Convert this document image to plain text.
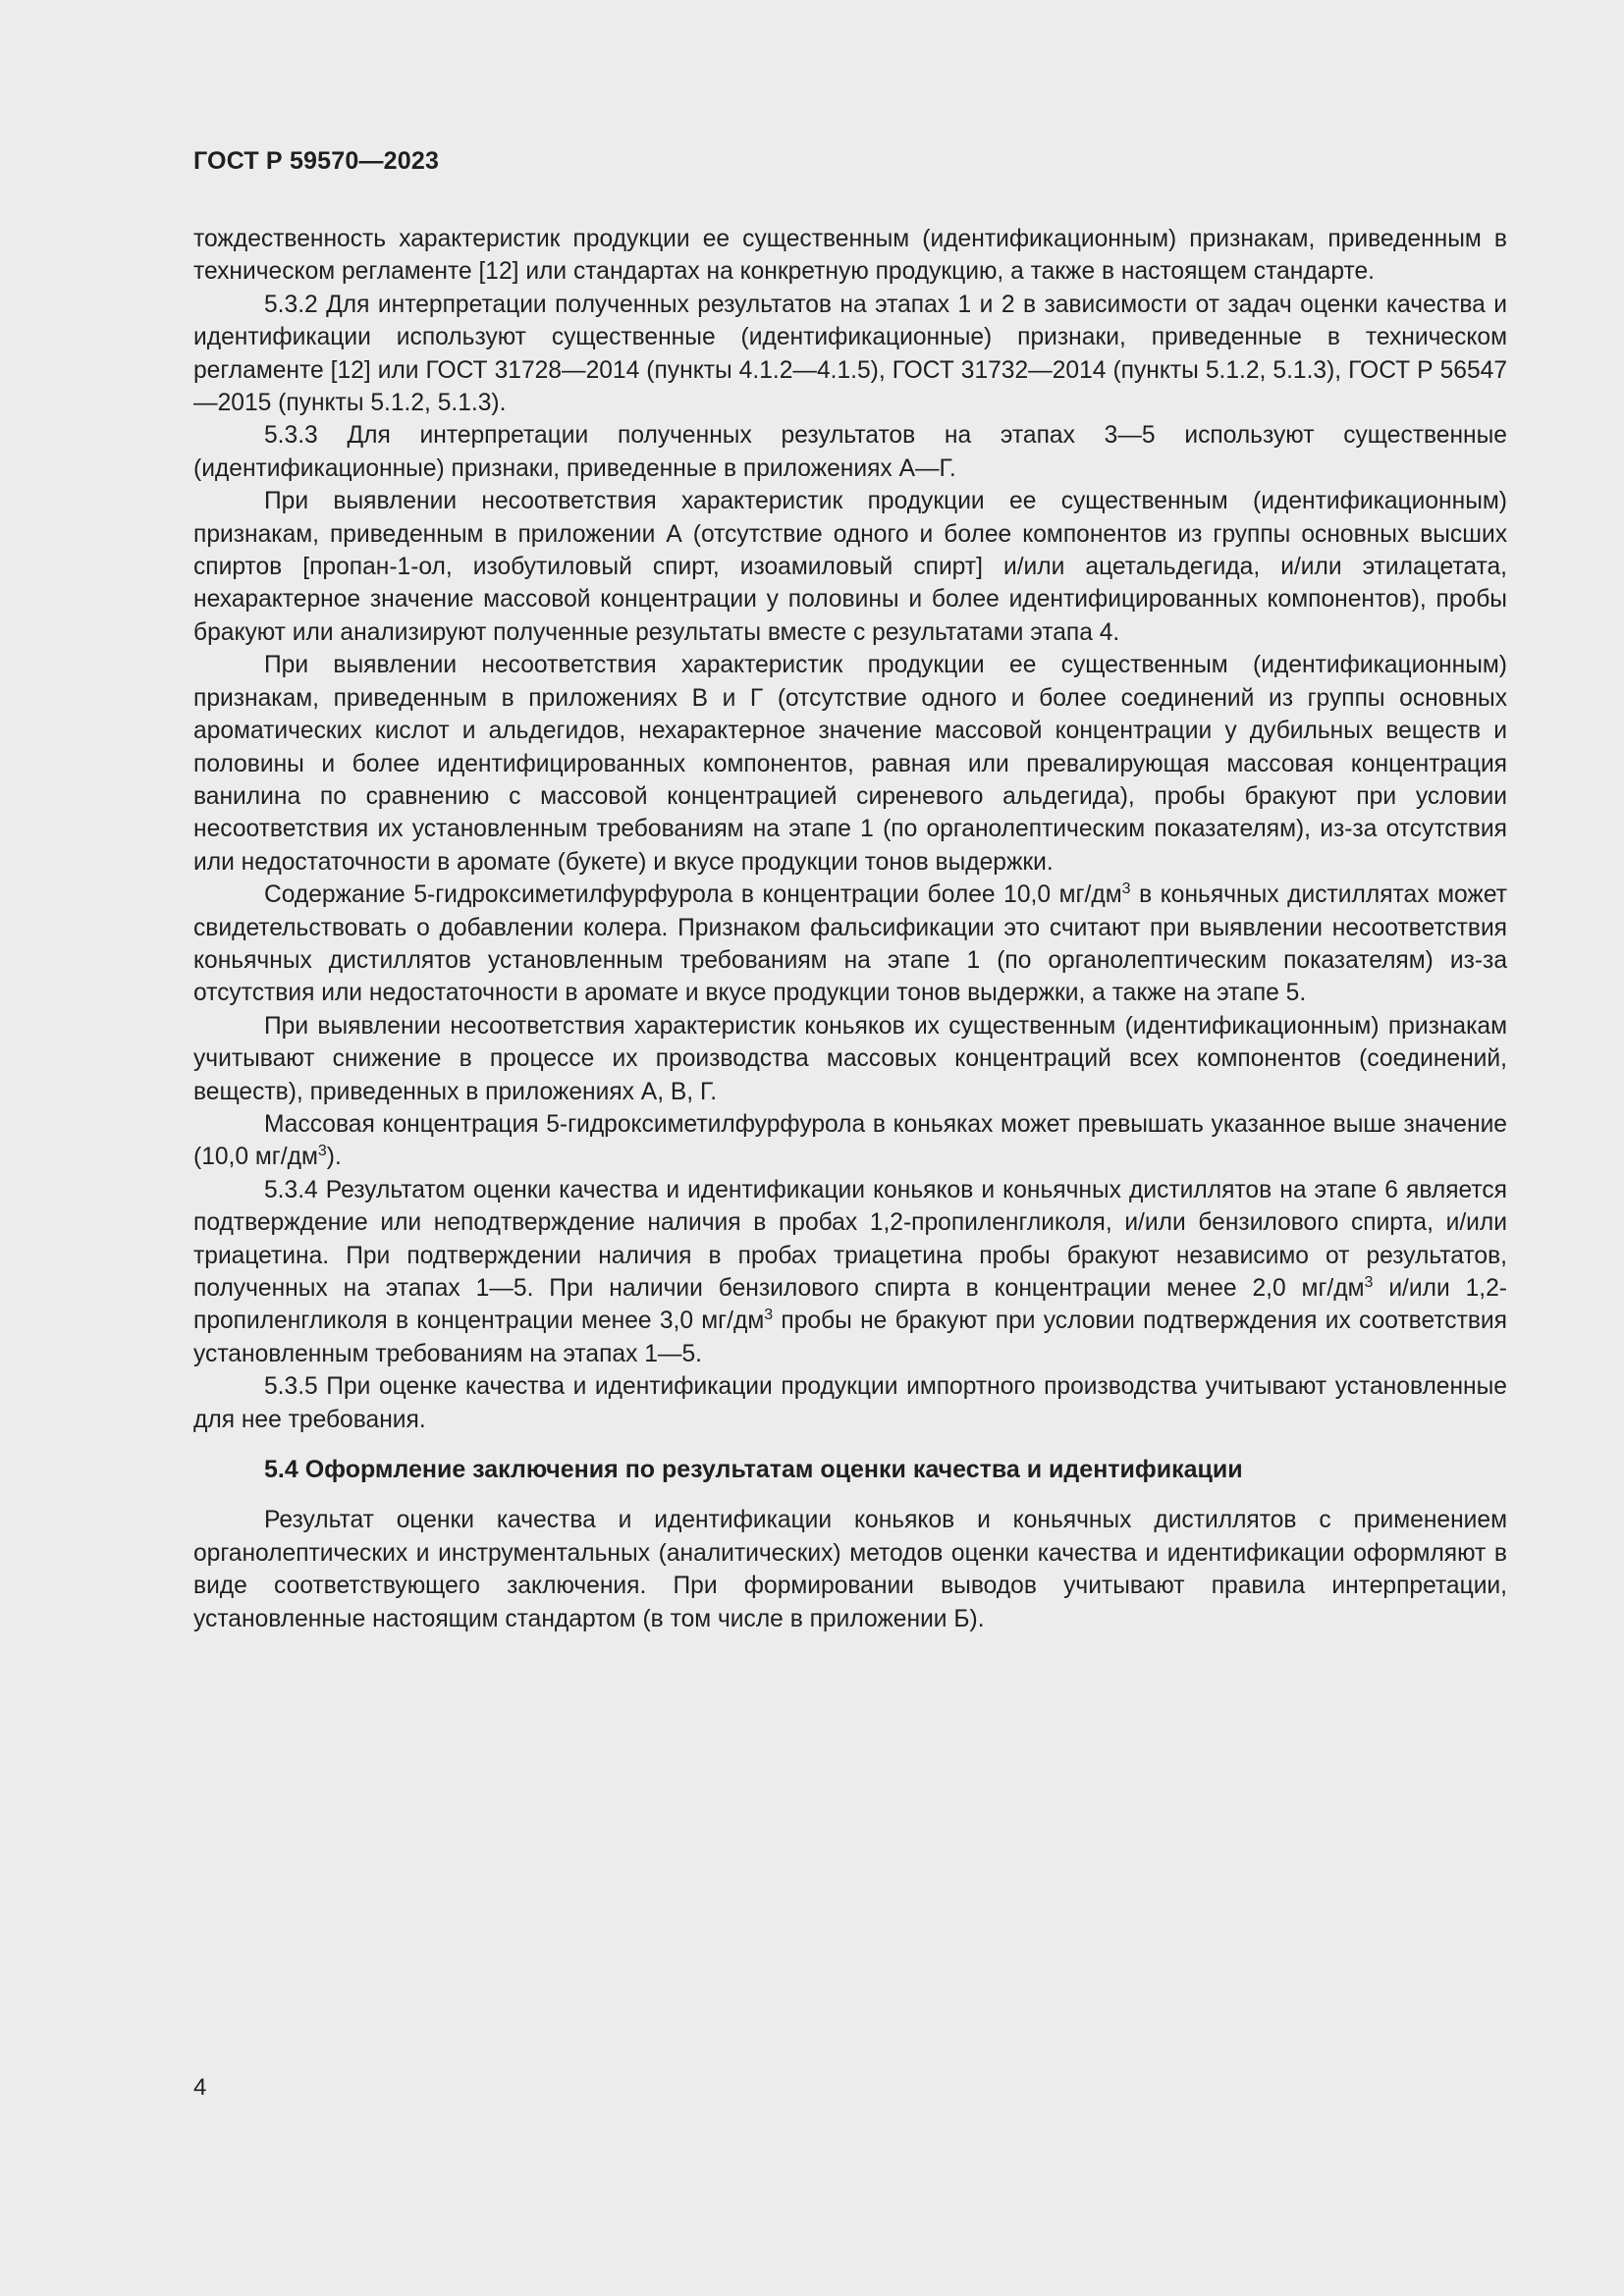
ГОСТ Р 59570—2023

тождественность характеристик продукции ее существенным (идентификационным) признакам, приведенным в техническом регламенте [12] или стандартах на конкретную продукцию, а также в настоящем стандарте.

5.3.2 Для интерпретации полученных результатов на этапах 1 и 2 в зависимости от задач оценки качества и идентификации используют существенные (идентификационные) признаки, приведенные в техническом регламенте [12] или ГОСТ 31728—2014 (пункты 4.1.2—4.1.5), ГОСТ 31732—2014 (пункты 5.1.2, 5.1.3), ГОСТ Р 56547—2015 (пункты 5.1.2, 5.1.3).

5.3.3 Для интерпретации полученных результатов на этапах 3—5 используют существенные (идентификационные) признаки, приведенные в приложениях А—Г.

При выявлении несоответствия характеристик продукции ее существенным (идентификационным) признакам, приведенным в приложении А (отсутствие одного и более компонентов из группы основных высших спиртов [пропан-1-ол, изобутиловый спирт, изоамиловый спирт] и/или ацетальдегида, и/или этилацетата, нехарактерное значение массовой концентрации у половины и более идентифицированных компонентов), пробы бракуют или анализируют полученные результаты вместе с результатами этапа 4.

При выявлении несоответствия характеристик продукции ее существенным (идентификационным) признакам, приведенным в приложениях В и Г (отсутствие одного и более соединений из группы основных ароматических кислот и альдегидов, нехарактерное значение массовой концентрации у дубильных веществ и половины и более идентифицированных компонентов, равная или превалирующая массовая концентрация ванилина по сравнению с массовой концентрацией сиреневого альдегида), пробы бракуют при условии несоответствия их установленным требованиям на этапе 1 (по органолептическим показателям), из-за отсутствия или недостаточности в аромате (букете) и вкусе продукции тонов выдержки.

Содержание 5-гидроксиметилфурфурола в концентрации более 10,0 $мг/дм^3$ в коньячных дистиллятах может свидетельствовать о добавлении колера. Признаком фальсификации это считают при выявлении несоответствия коньячных дистиллятов установленным требованиям на этапе 1 (по органолептическим показателям) из-за отсутствия или недостаточности в аромате и вкусе продукции тонов выдержки, а также на этапе 5.

При выявлении несоответствия характеристик коньяков их существенным (идентификационным) признакам учитывают снижение в процессе их производства массовых концентраций всех компонентов (соединений, веществ), приведенных в приложениях А, В, Г.

Массовая концентрация 5-гидроксиметилфурфурола в коньяках может превышать указанное выше значение (10,0 $мг/дм^3$).

5.3.4 Результатом оценки качества и идентификации коньяков и коньячных дистиллятов на этапе 6 является подтверждение или неподтверждение наличия в пробах 1,2-пропиленгликоля, и/или бензилового спирта, и/или триацетина. При подтверждении наличия в пробах триацетина пробы бракуют независимо от результатов, полученных на этапах 1—5. При наличии бензилового спирта в концентрации менее 2,0 $мг/дм^3$ и/или 1,2-пропиленгликоля в концентрации менее 3,0 $мг/дм^3$ пробы не бракуют при условии подтверждения их соответствия установленным требованиям на этапах 1—5.

5.3.5 При оценке качества и идентификации продукции импортного производства учитывают установленные для нее требования.

5.4 Оформление заключения по результатам оценки качества и идентификации

Результат оценки качества и идентификации коньяков и коньячных дистиллятов с применением органолептических и инструментальных (аналитических) методов оценки качества и идентификации оформляют в виде соответствующего заключения. При формировании выводов учитывают правила интерпретации, установленные настоящим стандартом (в том числе в приложении Б).

4
